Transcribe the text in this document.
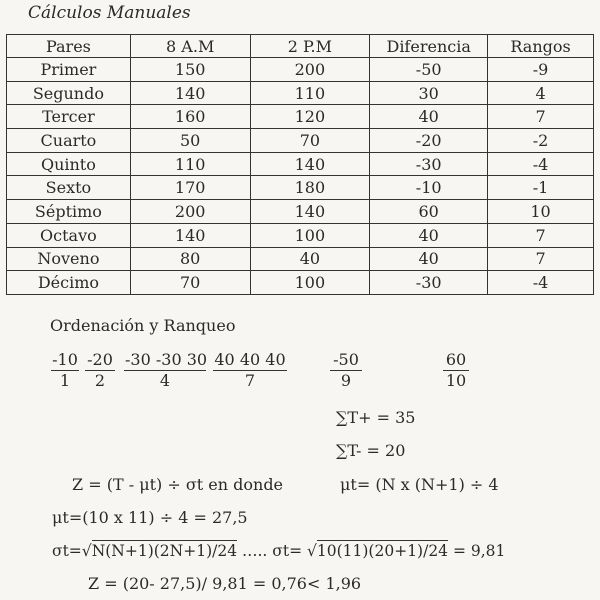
Cálculos Manuales
Pares	8 A.M	2 P.M	Diferencia	Rangos
Primer	150	200	-50	-9
Segundo	140	110	30	4
Tercer	160	120	40	7
Cuarto	50	70	-20	-2
Quinto	110	140	-30	-4
Sexto	170	180	-10	-1
Séptimo	200	140	60	10
Octavo	140	100	40	7
Noveno	80	40	40	7
Décimo	70	100	-30	-4
Ordenación y Ranqueo
$\frac{-10}{1} \frac{-20}{2} \frac{-30 -30 30}{4} \frac{40 40 40}{7}$	$\frac{-50}{9}$	$\frac{60}{10}$
∑T+ = 35
∑T- = 20
Z = (T - μt) ÷ σt en donde	μt= (N x (N+1) ÷ 4
μt=(10 x 11) ÷ 4 = 27,5
σt=√N(N+1)(2N+1)/24 ….. σt= √10(11)(20+1)/24 = 9,81
Z = (20- 27,5)/ 9,81 = 0,76< 1,96
